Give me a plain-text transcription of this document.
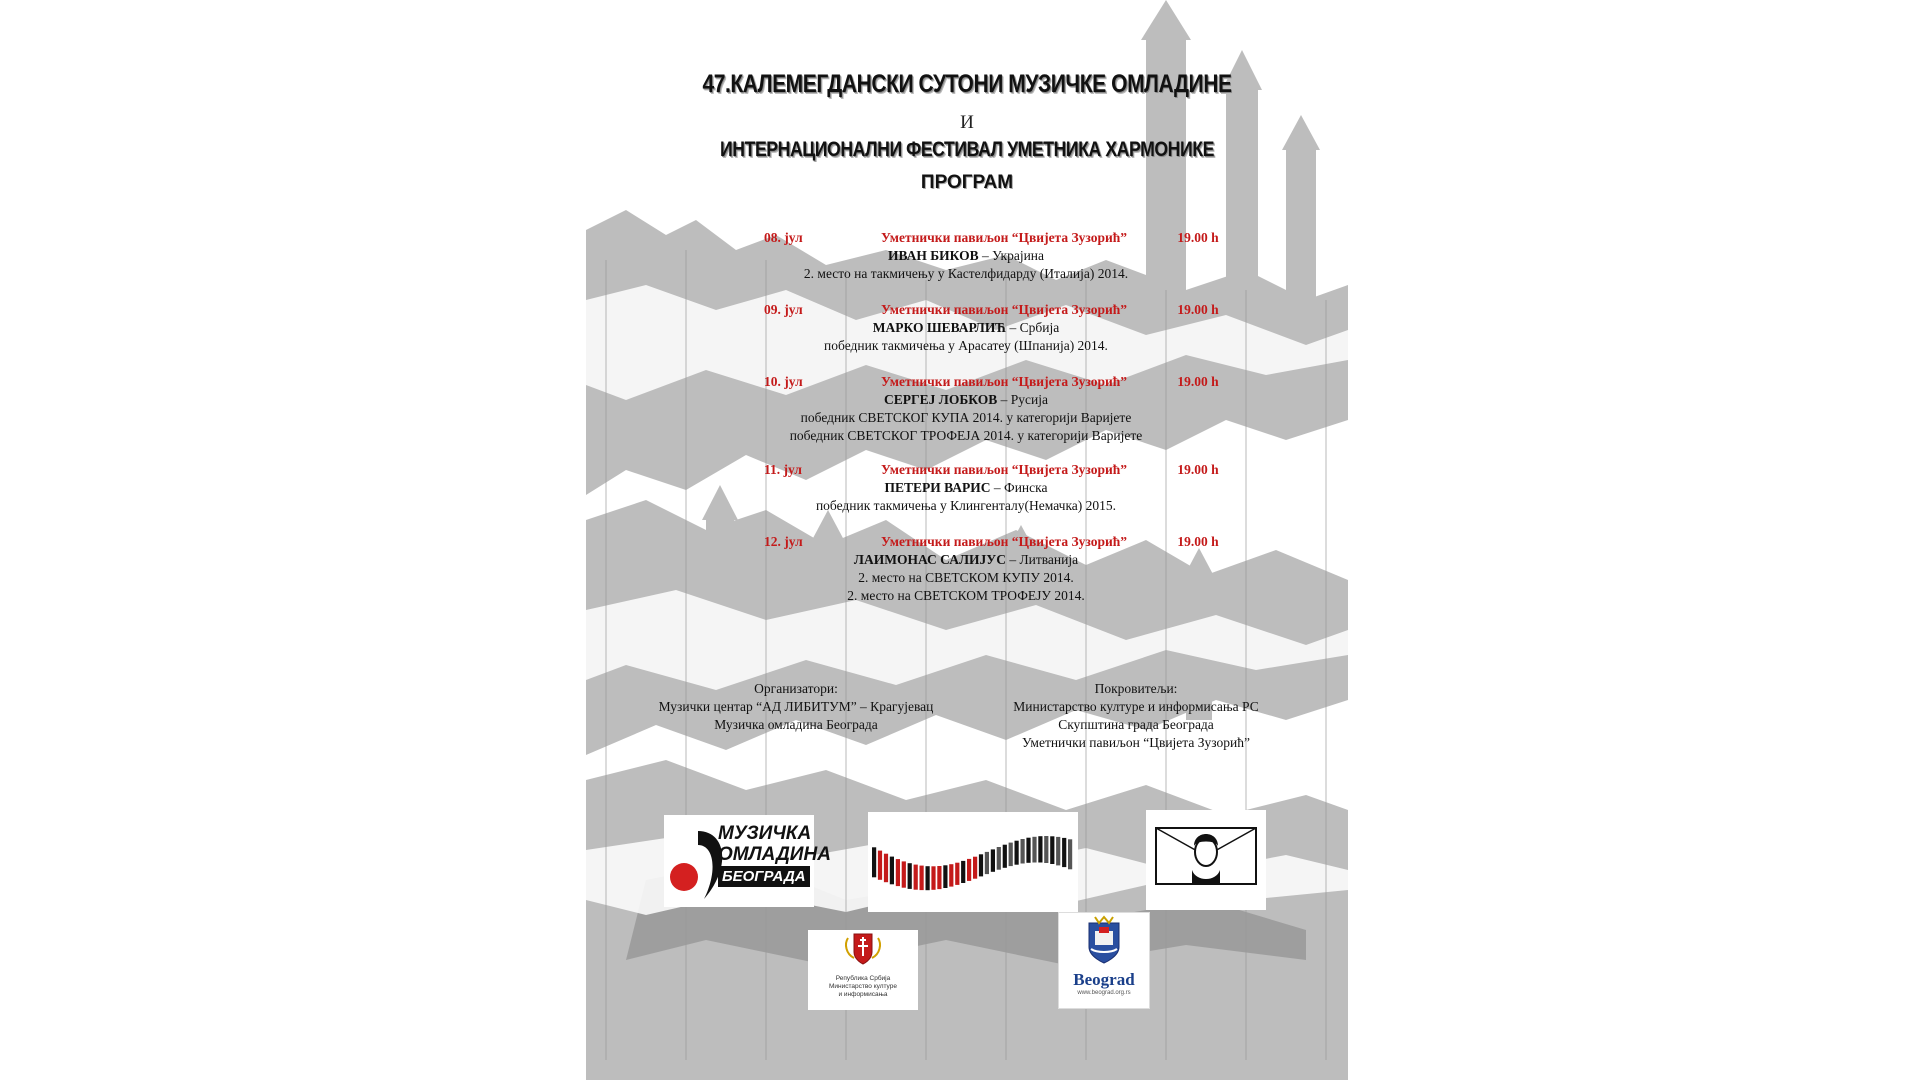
47.КАЛЕМЕГДАНСКИ СУТОНИ МУЗИЧКЕ ОМЛАДИНЕ
И
ИНТЕРНАЦИОНАЛНИ ФЕСТИВАЛ УМЕТНИКА ХАРМОНИКЕ
ПРОГРАМ
08. јул	Уметнички павиљон “Цвијета Зузорић”	19.00 h
ИВАН БИКОВ – Украјина
2. место на такмичењу у Кастелфидарду (Италија) 2014.
09. јул	Уметнички павиљон “Цвијета Зузорић”	19.00 h
МАРКО ШЕВАРЛИЋ – Србија
победник такмичења у Арасатеу (Шпанија) 2014.
10. јул	Уметнички павиљон “Цвијета Зузорић”	19.00 h
СЕРГЕЈ ЛОБКОВ – Русија
победник СВЕТСКОГ КУПА 2014. у категорији Варијете
победник СВЕТСКОГ ТРОФЕЈА 2014. у категорији Варијете
11. јул	Уметнички павиљон “Цвијета Зузорић”	19.00 h
ПЕТЕРИ ВАРИС – Финска
победник такмичења у Клингенталу(Немачка) 2015.
12. јул	Уметнички павиљон “Цвијета Зузорић”	19.00 h
ЛАИМОНАС САЛИЈУС – Литванија
2. место на СВЕТСКОМ КУПУ 2014.
2. место на СВЕТСКОМ ТРОФЕЈУ 2014.
Организатори:
Музички центар “АД ЛИБИТУМ” – Крагујевац
Музичка омладина Београда
Покровитељи:
Министарство културе и информисања РС
Скупштина града Београда
Уметнички павиљон “Цвијета Зузорић”
МУЗИЧКА
ОМЛАДИНА
БЕОГРАДА
Република Србија
Министарство културе
и информисања
Beograd
www.beograd.org.rs
